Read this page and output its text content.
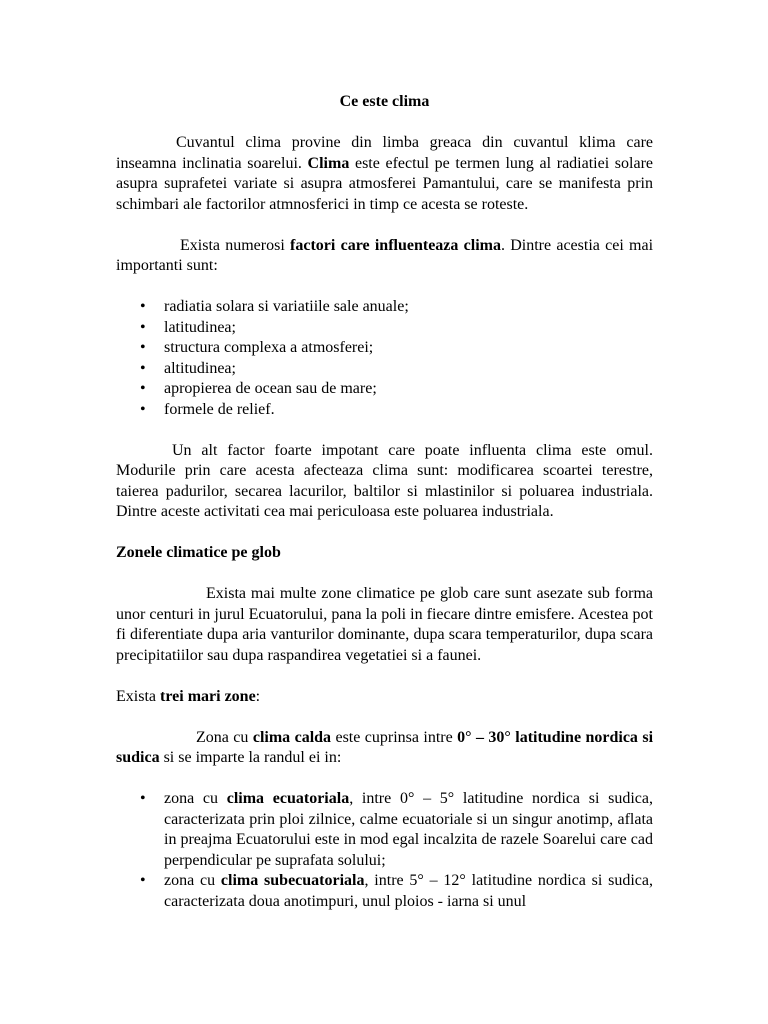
Ce este clima

Cuvantul clima provine din limba greaca din cuvantul klima care inseamna inclinatia soarelui. Clima este efectul pe termen lung al radiatiei solare asupra suprafetei variate si asupra atmosferei Pamantului, care se manifesta prin schimbari ale factorilor atmnosferici in timp ce acesta se roteste.

Exista numerosi factori care influenteaza clima. Dintre acestia cei mai importanti sunt:

• radiatia solara si variatiile sale anuale;
• latitudinea;
• structura complexa a atmosferei;
• altitudinea;
• apropierea de ocean sau de mare;
• formele de relief.

Un alt factor foarte impotant care poate influenta clima este omul. Modurile prin care acesta afecteaza clima sunt: modificarea scoartei terestre, taierea padurilor, secarea lacurilor, baltilor si mlastinilor si poluarea industriala. Dintre aceste activitati cea mai periculoasa este poluarea industriala.

Zonele climatice pe glob

Exista mai multe zone climatice pe glob care sunt asezate sub forma unor centuri in jurul Ecuatorului, pana la poli in fiecare dintre emisfere. Acestea pot fi diferentiate dupa aria vanturilor dominante, dupa scara temperaturilor, dupa scara precipitatiilor sau dupa raspandirea vegetatiei si a faunei.

Exista trei mari zone:

Zona cu clima calda este cuprinsa intre 0° – 30° latitudine nordica si sudica si se imparte la randul ei in:

• zona cu clima ecuatoriala, intre 0° – 5° latitudine nordica si sudica, caracterizata prin ploi zilnice, calme ecuatoriale si un singur anotimp, aflata in preajma Ecuatorului este in mod egal incalzita de razele Soarelui care cad perpendicular pe suprafata solului;
• zona cu clima subecuatoriala, intre 5° – 12° latitudine nordica si sudica, caracterizata doua anotimpuri, unul ploios - iarna si unul
